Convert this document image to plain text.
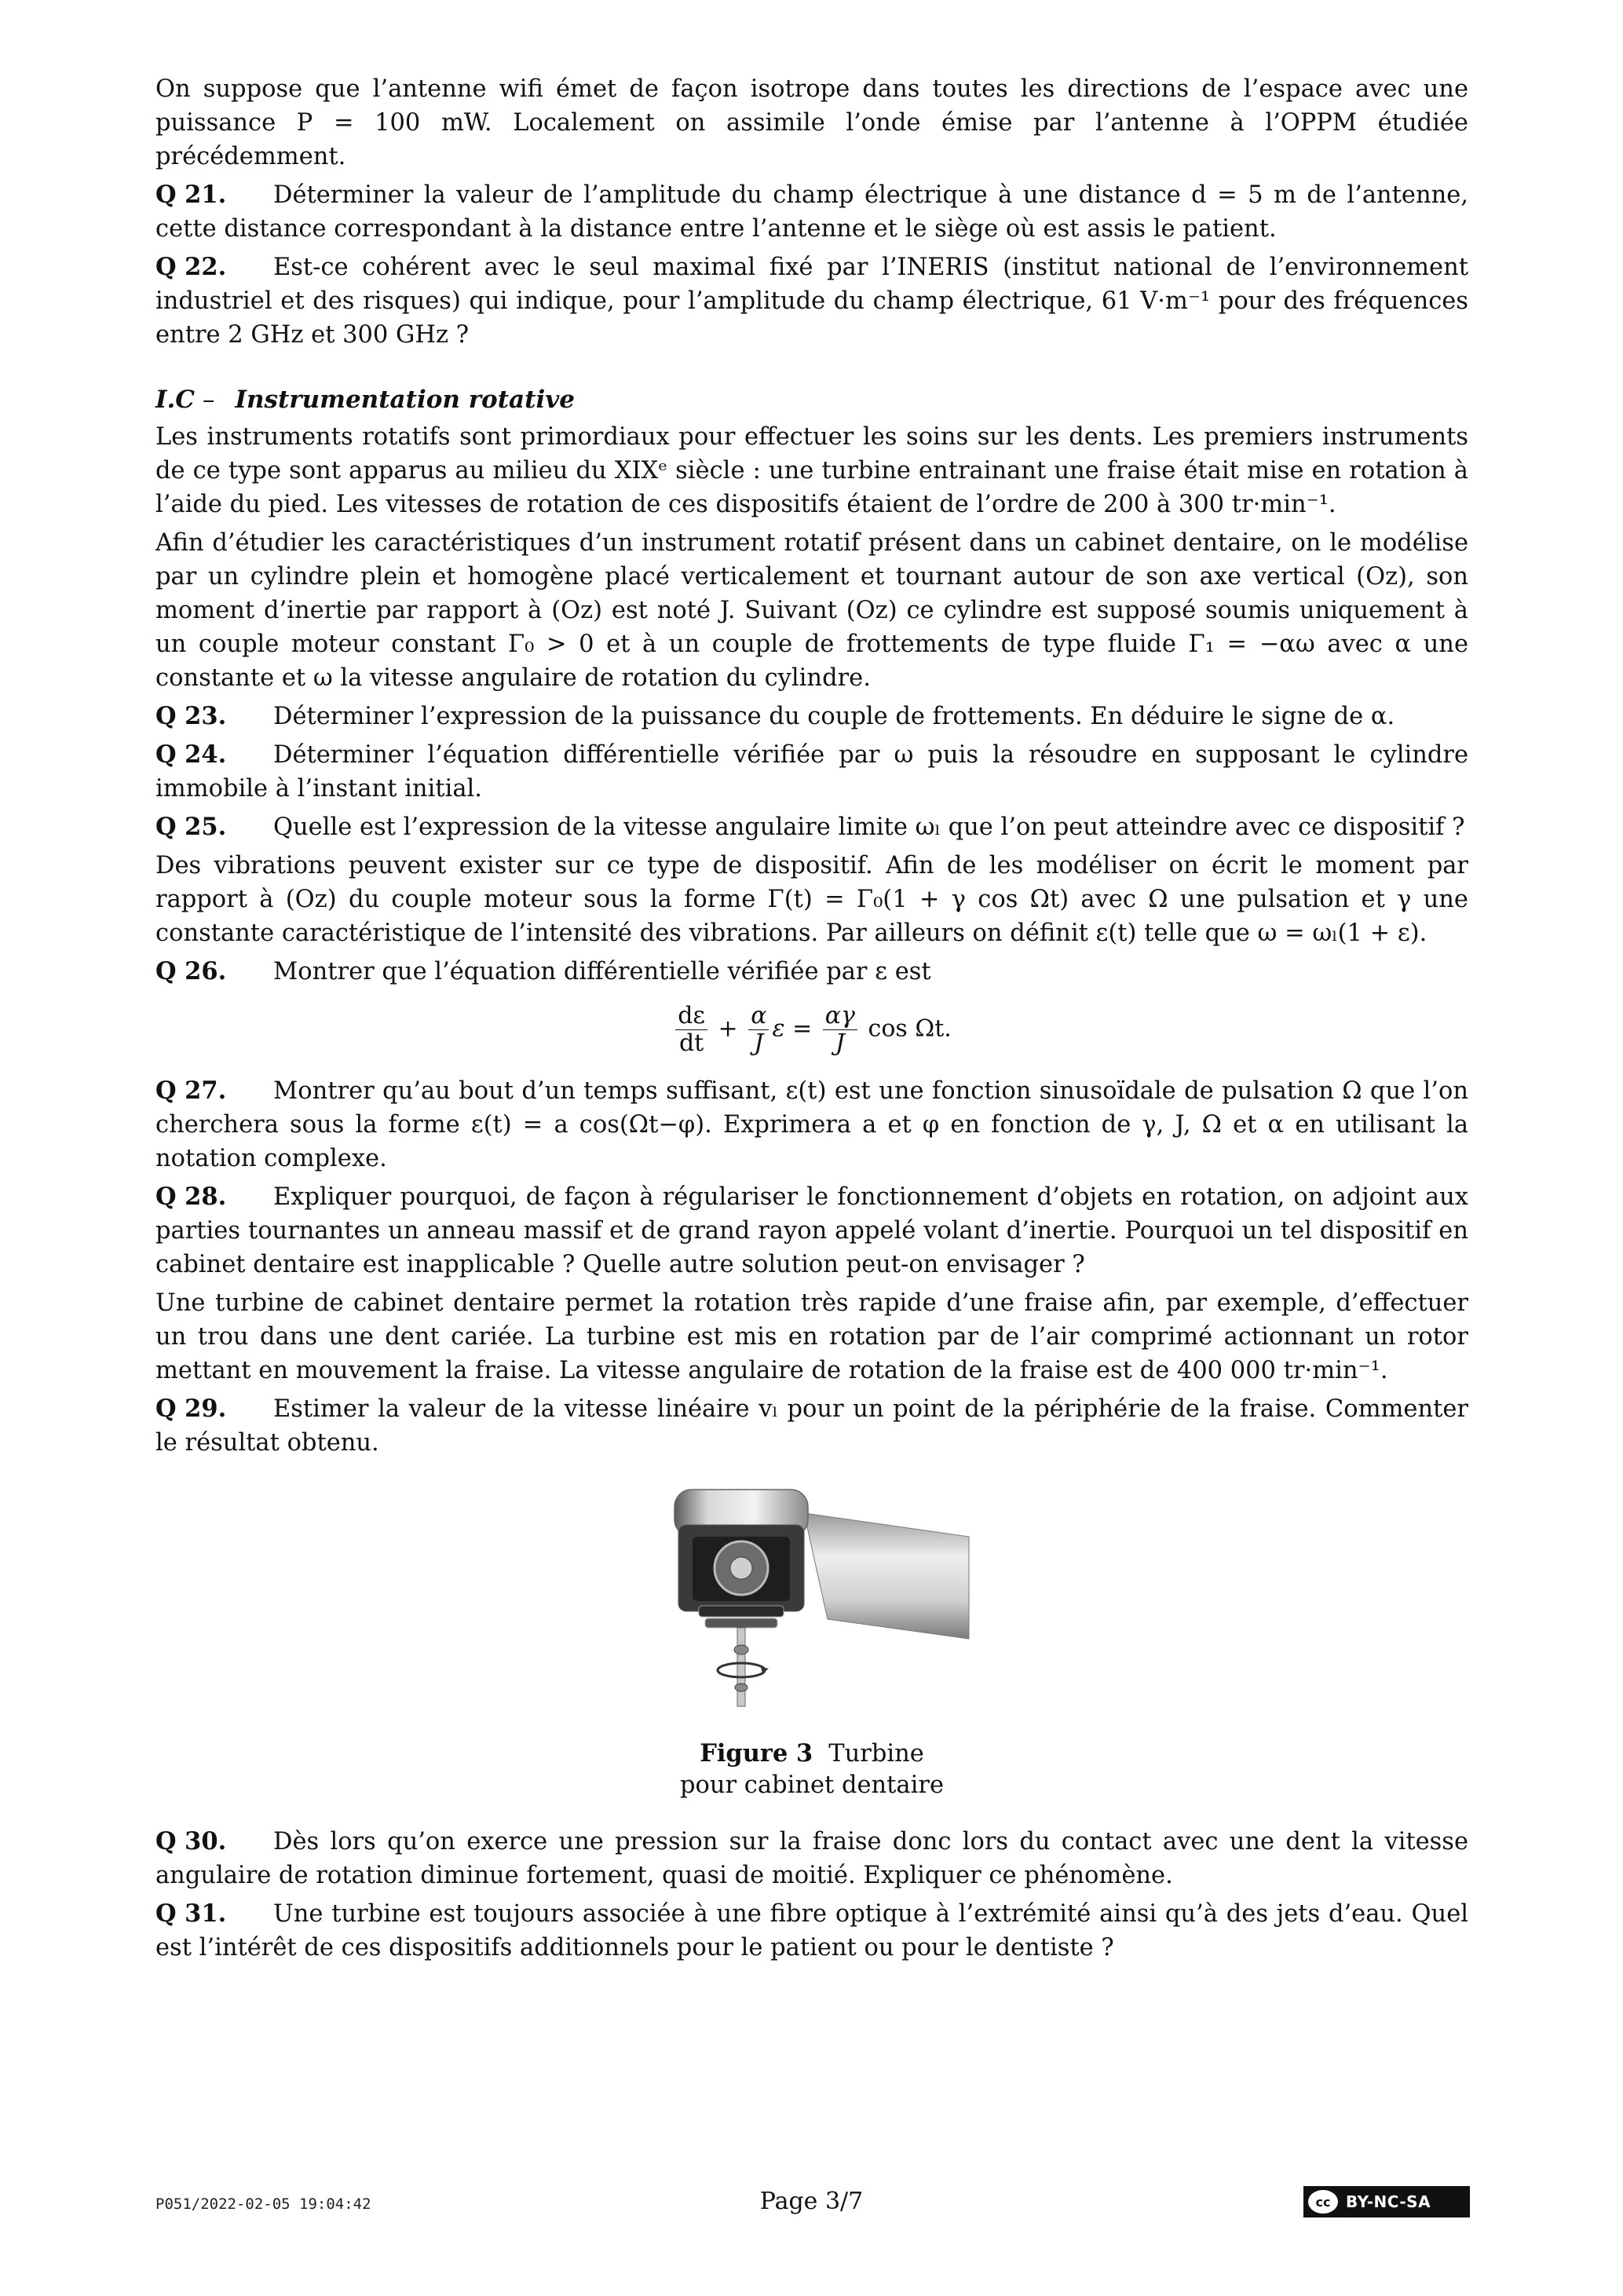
On suppose que l’antenne wifi émet de façon isotrope dans toutes les directions de l’espace avec une puissance P = 100 mW. Localement on assimile l’onde émise par l’antenne à l’OPPM étudiée précédemment.

Q 21. Déterminer la valeur de l’amplitude du champ électrique à une distance d = 5 m de l’antenne, cette distance correspondant à la distance entre l’antenne et le siège où est assis le patient.
Q 22. Est-ce cohérent avec le seul maximal fixé par l’INERIS (institut national de l’environnement industriel et des risques) qui indique, pour l’amplitude du champ électrique, 61 V·m⁻¹ pour des fréquences entre 2 GHz et 300 GHz ?
I.C – Instrumentation rotative

Les instruments rotatifs sont primordiaux pour effectuer les soins sur les dents. Les premiers instruments de ce type sont apparus au milieu du XIXᵉ siècle : une turbine entrainant une fraise était mise en rotation à l’aide du pied. Les vitesses de rotation de ces dispositifs étaient de l’ordre de 200 à 300 tr·min⁻¹.

Afin d’étudier les caractéristiques d’un instrument rotatif présent dans un cabinet dentaire, on le modélise par un cylindre plein et homogène placé verticalement et tournant autour de son axe vertical (Oz), son moment d’inertie par rapport à (Oz) est noté J. Suivant (Oz) ce cylindre est supposé soumis uniquement à un couple moteur constant Γ₀ > 0 et à un couple de frottements de type fluide Γ₁ = −αω avec α une constante et ω la vitesse angulaire de rotation du cylindre.

Q 23. Déterminer l’expression de la puissance du couple de frottements. En déduire le signe de α.
Q 24. Déterminer l’équation différentielle vérifiée par ω puis la résoudre en supposant le cylindre immobile à l’instant initial.
Q 25. Quelle est l’expression de la vitesse angulaire limite ωₗ que l’on peut atteindre avec ce dispositif ?

Des vibrations peuvent exister sur ce type de dispositif. Afin de les modéliser on écrit le moment par rapport à (Oz) du couple moteur sous la forme Γ(t) = Γ₀(1 + γ cos Ωt) avec Ω une pulsation et γ une constante caractéristique de l’intensité des vibrations. Par ailleurs on définit ε(t) telle que ω = ωₗ(1 + ε).

Q 26. Montrer que l’équation différentielle vérifiée par ε est
$\frac{d\varepsilon}{dt} + \frac{\alpha}{J}$ $\varepsilon = \frac{\alpha\gamma}{J}$ cos Ωt.
Q 27. Montrer qu’au bout d’un temps suffisant, ε(t) est une fonction sinusoïdale de pulsation Ω que l’on cherchera sous la forme ε(t) = a cos(Ωt−φ). Exprimera a et φ en fonction de γ, J, Ω et α en utilisant la notation complexe.
Q 28. Expliquer pourquoi, de façon à régulariser le fonctionnement d’objets en rotation, on adjoint aux parties tournantes un anneau massif et de grand rayon appelé volant d’inertie. Pourquoi un tel dispositif en cabinet dentaire est inapplicable ? Quelle autre solution peut-on envisager ?

Une turbine de cabinet dentaire permet la rotation très rapide d’une fraise afin, par exemple, d’effectuer un trou dans une dent cariée. La turbine est mis en rotation par de l’air comprimé actionnant un rotor mettant en mouvement la fraise. La vitesse angulaire de rotation de la fraise est de 400 000 tr·min⁻¹.

Q 29. Estimer la valeur de la vitesse linéaire vₗ pour un point de la périphérie de la fraise. Commenter le résultat obtenu.
Figure 3 Turbine
pour cabinet dentaire
Q 30. Dès lors qu’on exerce une pression sur la fraise donc lors du contact avec une dent la vitesse angulaire de rotation diminue fortement, quasi de moitié. Expliquer ce phénomène.
Q 31. Une turbine est toujours associée à une fibre optique à l’extrémité ainsi qu’à des jets d’eau. Quel est l’intérêt de ces dispositifs additionnels pour le patient ou pour le dentiste ?
P051/2022-02-05 19:04:42	Page 3/7	cc BY-NC-SA
